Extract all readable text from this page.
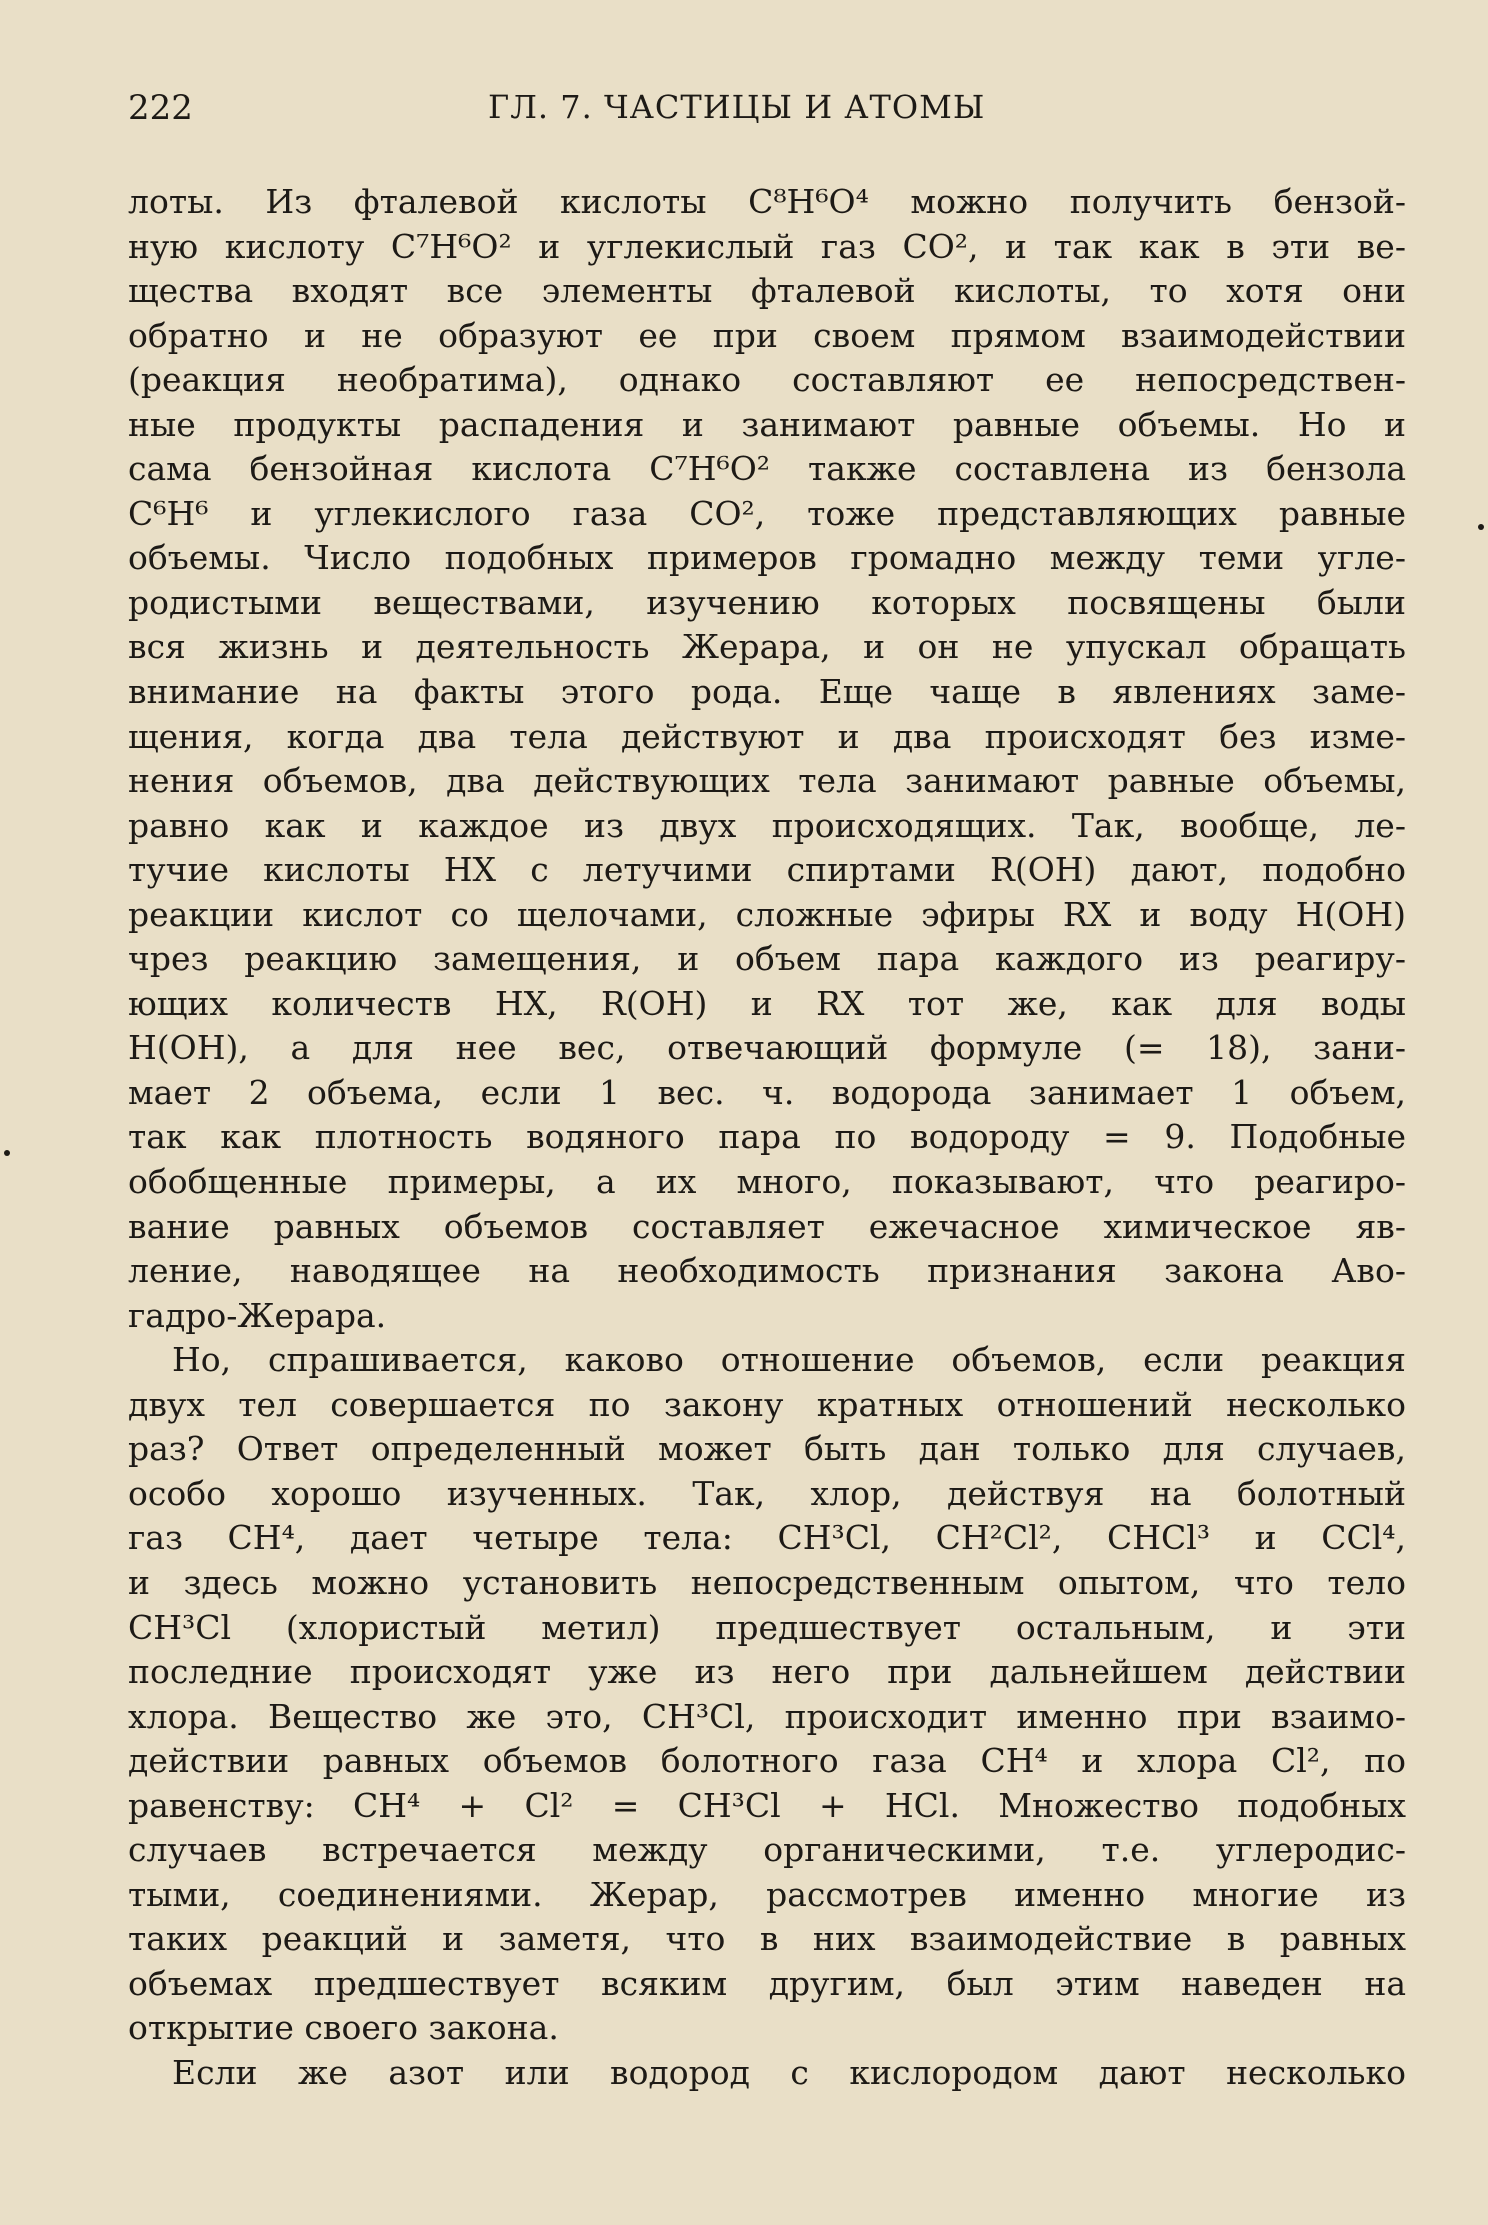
222	ГЛ. 7. ЧАСТИЦЫ И АТОМЫ
лоты. Из фталевой кислоты C⁸H⁶O⁴ можно получить бензой-
ную кислоту C⁷H⁶O² и углекислый газ CO², и так как в эти ве-
щества входят все элементы фталевой кислоты, то хотя они
обратно и не образуют ее при своем прямом взаимодействии
(реакция необратима), однако составляют ее непосредствен-
ные продукты распадения и занимают равные объемы. Но и
сама бензойная кислота C⁷H⁶O² также составлена из бензола
C⁶H⁶ и углекислого газа CO², тоже представляющих равные
объемы. Число подобных примеров громадно между теми угле-
родистыми веществами, изучению которых посвящены были
вся жизнь и деятельность Жерара, и он не упускал обращать
внимание на факты этого рода. Еще чаще в явлениях заме-
щения, когда два тела действуют и два происходят без изме-
нения объемов, два действующих тела занимают равные объемы,
равно как и каждое из двух происходящих. Так, вообще, ле-
тучие кислоты HX с летучими спиртами R(OH) дают, подобно
реакции кислот со щелочами, сложные эфиры RX и воду H(OH)
чрез реакцию замещения, и объем пара каждого из реагиру-
ющих количеств HX, R(OH) и RX тот же, как для воды
H(OH), а для нее вес, отвечающий формуле (= 18), зани-
мает 2 объема, если 1 вес. ч. водорода занимает 1 объем,
так как плотность водяного пара по водороду = 9. Подобные
обобщенные примеры, а их много, показывают, что реагиро-
вание равных объемов составляет ежечасное химическое яв-
ление, наводящее на необходимость признания закона Аво-
гадро-Жерара.
Но, спрашивается, каково отношение объемов, если реакция
двух тел совершается по закону кратных отношений несколько
раз? Ответ определенный может быть дан только для случаев,
особо хорошо изученных. Так, хлор, действуя на болотный
газ CH⁴, дает четыре тела: CH³Cl, CH²Cl², CHCl³ и CCl⁴,
и здесь можно установить непосредственным опытом, что тело
CH³Cl (хлористый метил) предшествует остальным, и эти
последние происходят уже из него при дальнейшем действии
хлора. Вещество же это, CH³Cl, происходит именно при взаимо-
действии равных объемов болотного газа CH⁴ и хлора Cl², по
равенству: CH⁴ + Cl² = CH³Cl + HCl. Множество подобных
случаев встречается между органическими, т.е. углеродис-
тыми, соединениями. Жерар, рассмотрев именно многие из
таких реакций и заметя, что в них взаимодействие в равных
объемах предшествует всяким другим, был этим наведен на
открытие своего закона.
Если же азот или водород с кислородом дают несколько
